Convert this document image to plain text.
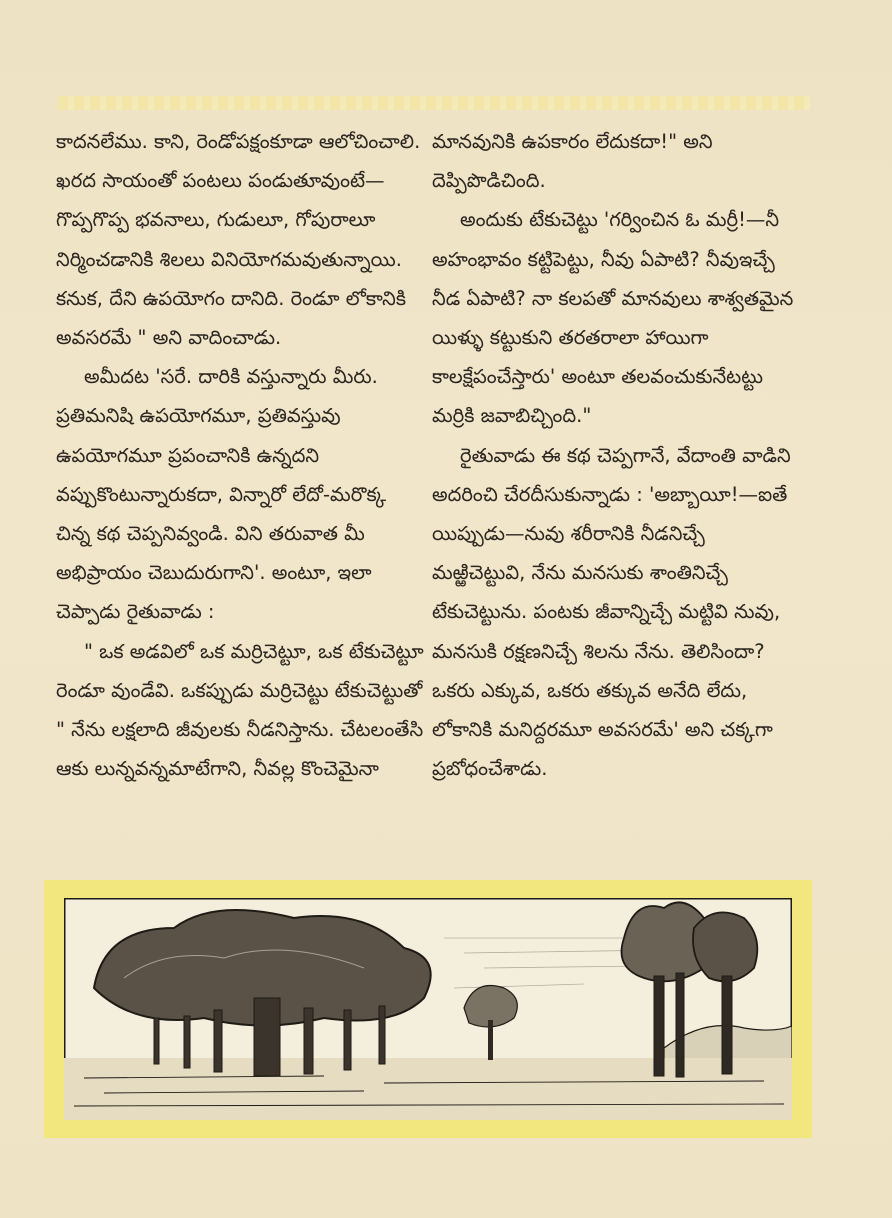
కాదనలేము. కాని, రెండోపక్షంకూడా ఆలోచించాలి. ఖరద సాయంతో పంటలు పండుతూవుంటే—గొప్పగొప్ప భవనాలు, గుడులూ, గోపురాలూ నిర్మించడానికి శిలలు వినియోగమవుతున్నాయి. కనుక, దేని ఉపయోగం దానిది. రెండూ లోకానికి అవసరమే " అని వాదించాడు.

అమీదట 'సరే. దారికి వస్తున్నారు మీరు. ప్రతిమనిషి ఉపయోగమూ, ప్రతివస్తువు ఉపయోగమూ ప్రపంచానికి ఉన్నదని వప్పుకొంటున్నారుకదా, విన్నారో లేదో-మరొక్క చిన్న కథ చెప్పనివ్వండి. విని తరువాత మీ అభిప్రాయం చెబుదురుగాని'. అంటూ, ఇలా చెప్పాడు రైతువాడు :

" ఒక అడవిలో ఒక మర్రిచెట్టూ, ఒక టేకుచెట్టూ రెండూ వుండేవి. ఒకప్పుడు మర్రిచెట్టు టేకుచెట్టుతో " నేను లక్షలాది జీవులకు నీడనిస్తాను. చేటలంతేసి ఆకు లున్నవన్నమాటేగాని, నీవల్ల కొంచెమైనా

మానవునికి ఉపకారం లేదుకదా!" అని దెప్పిపొడిచింది.

అందుకు టేకుచెట్టు 'గర్వించిన ఓ మర్రీ!—నీ అహంభావం కట్టిపెట్టు, నీవు ఏపాటి? నీవుఇచ్చే నీడ ఏపాటి? నా కలపతో మానవులు శాశ్వతమైన యిళ్ళు కట్టుకుని తరతరాలా హాయిగా కాలక్షేపంచేస్తారు' అంటూ తలవంచుకునేటట్టు మర్రికి జవాబిచ్చింది."

రైతువాడు ఈ కథ చెప్పగానే, వేదాంతి వాడిని అదరించి చేరదీసుకున్నాడు : 'అబ్బాయీ!—ఐతే యిప్పుడు—నువు శరీరానికి నీడనిచ్చే మఱ్ఱిచెట్టువి, నేను మనసుకు శాంతినిచ్చే టేకుచెట్టును. పంటకు జీవాన్నిచ్చే మట్టివి నువు, మనసుకి రక్షణనిచ్చే శిలను నేను. తెలిసిందా? ఒకరు ఎక్కువ, ఒకరు తక్కువ అనేది లేదు, లోకానికి మనిద్దరమూ అవసరమే' అని చక్కగా ప్రబోధంచేశాడు.
